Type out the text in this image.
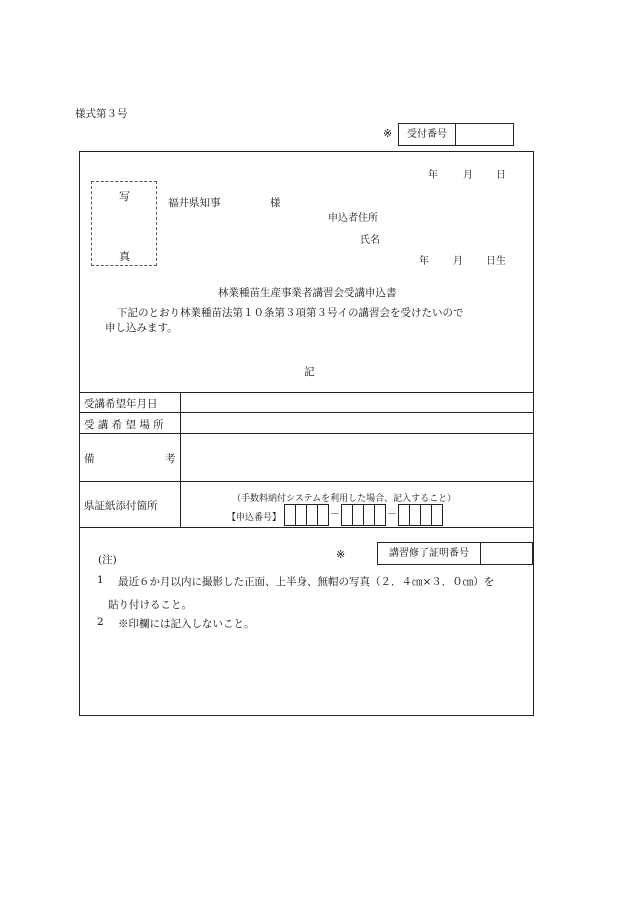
様式第３号
※	受付番号
年	月 日
写
真
福井県知事	様
申込者住所
氏名
年 月 日生
林業種苗生産事業者講習会受講申込書
下記のとおり林業種苗法第１０条第３項第３号イの講習会を受けたいので
申し込みます。
記
受講希望年月日
受 講 希 望 場 所
備	考
県証紙添付箇所
（手数料納付システムを利用した場合、記入すること）
【申込番号】	－	－
(注)	※	講習修了証明番号
1 最近６か月以内に撮影した正面、上半身、無帽の写真（２．４㎝×３．０㎝）を
貼り付けること。
2 ※印欄には記入しないこと。
